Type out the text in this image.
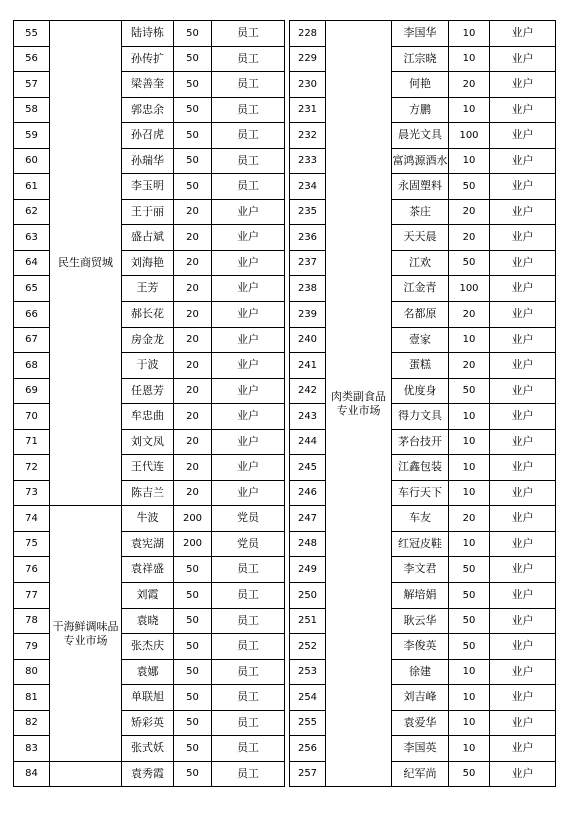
55	民生商贸城	陆诗栋	50	员工
56		孙传扩	50	员工
57		梁善奎	50	员工
58		郭忠余	50	员工
59		孙召虎	50	员工
60		孙瑞华	50	员工
61		李玉明	50	员工
62		王于丽	20	业户
63		盛占斌	20	业户
64		刘海艳	20	业户
65		王芳	20	业户
66		郝长花	20	业户
67		房金龙	20	业户
68		于波	20	业户
69		任恩芳	20	业户
70		牟忠曲	20	业户
71		刘文凤	20	业户
72		王代连	20	业户
73		陈吉兰	20	业户
74	干海鲜调味品专业市场	牛波	200	党员
75		袁宪湖	200	党员
76		袁祥盛	50	员工
77		刘霞	50	员工
78		袁晓	50	员工
79		张杰庆	50	员工
80		袁娜	50	员工
81		单联旭	50	员工
82		矫彩英	50	员工
83		张式妖	50	员工
84		袁秀霞	50	员工
228	肉类副食品专业市场	李国华	10	业户
229		江宗晓	10	业户
230		何艳	20	业户
231		方鹏	10	业户
232		晨光文具	100	业户
233		富鸿源酒水	10	业户
234		永固塑料	50	业户
235		茶庄	20	业户
236		天天晨	20	业户
237		江欢	50	业户
238		江金青	100	业户
239		名都原	20	业户
240		壹家	10	业户
241		蛋糕	20	业户
242		优度身	50	业户
243		得力文具	10	业户
244		茅台技开	10	业户
245		江鑫包装	10	业户
246		车行天下	10	业户
247		车友	20	业户
248		红冠皮鞋	10	业户
249		李文君	50	业户
250		解培娟	50	业户
251		耿云华	50	业户
252		李俊英	50	业户
253		徐建	10	业户
254		刘吉峰	10	业户
255		袁爱华	10	业户
256		李国英	10	业户
257		纪军尚	50	业户
